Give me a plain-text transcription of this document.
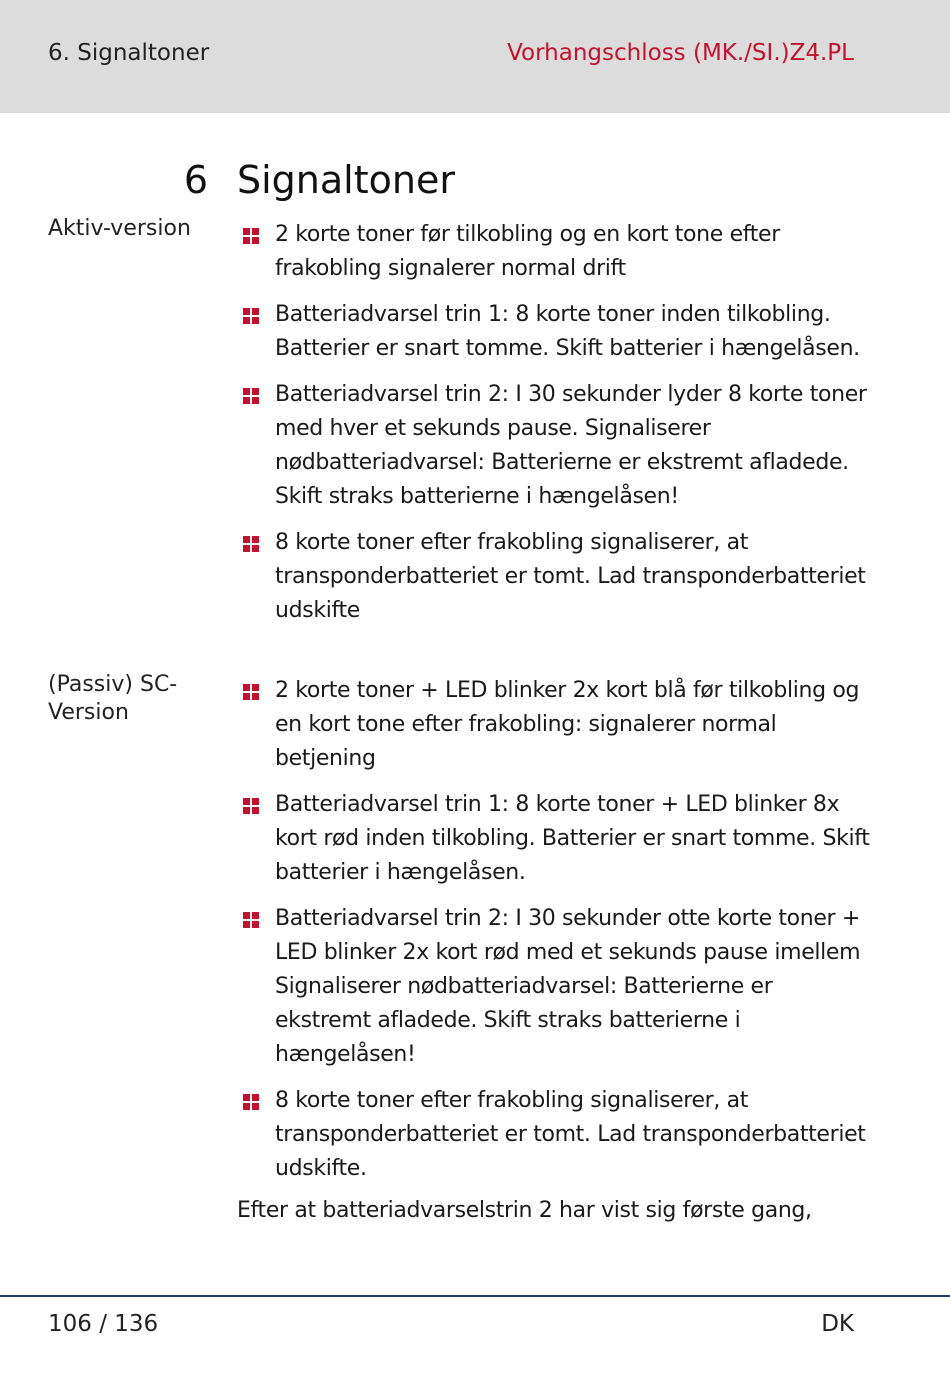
6. Signaltoner	Vorhangschloss (MK./SI.)Z4.PL
6 Signaltoner
Aktiv-version	2 korte toner før tilkobling og en kort tone efter frakobling signalerer normal drift
Batteriadvarsel trin 1: 8 korte toner inden tilkobling. Batterier er snart tomme. Skift batterier i hængelåsen.
Batteriadvarsel trin 2: I 30 sekunder lyder 8 korte toner med hver et sekunds pause. Signaliserer nødbatteriadvarsel: Batterierne er ekstremt afladede. Skift straks batterierne i hængelåsen!
8 korte toner efter frakobling signaliserer, at transponderbatteriet er tomt. Lad transponderbatteriet udskifte
(Passiv) SC-Version
2 korte toner + LED blinker 2x kort blå før tilkobling og en kort tone efter frakobling: signalerer normal betjening
Batteriadvarsel trin 1: 8 korte toner + LED blinker 8x kort rød inden tilkobling. Batterier er snart tomme. Skift batterier i hængelåsen.
Batteriadvarsel trin 2: I 30 sekunder otte korte toner + LED blinker 2x kort rød med et sekunds pause imellem Signaliserer nødbatteriadvarsel: Batterierne er ekstremt afladede. Skift straks batterierne i hængelåsen!
8 korte toner efter frakobling signaliserer, at transponderbatteriet er tomt. Lad transponderbatteriet udskifte.
Efter at batteriadvarselstrin 2 har vist sig første gang,
106 / 136	DK
